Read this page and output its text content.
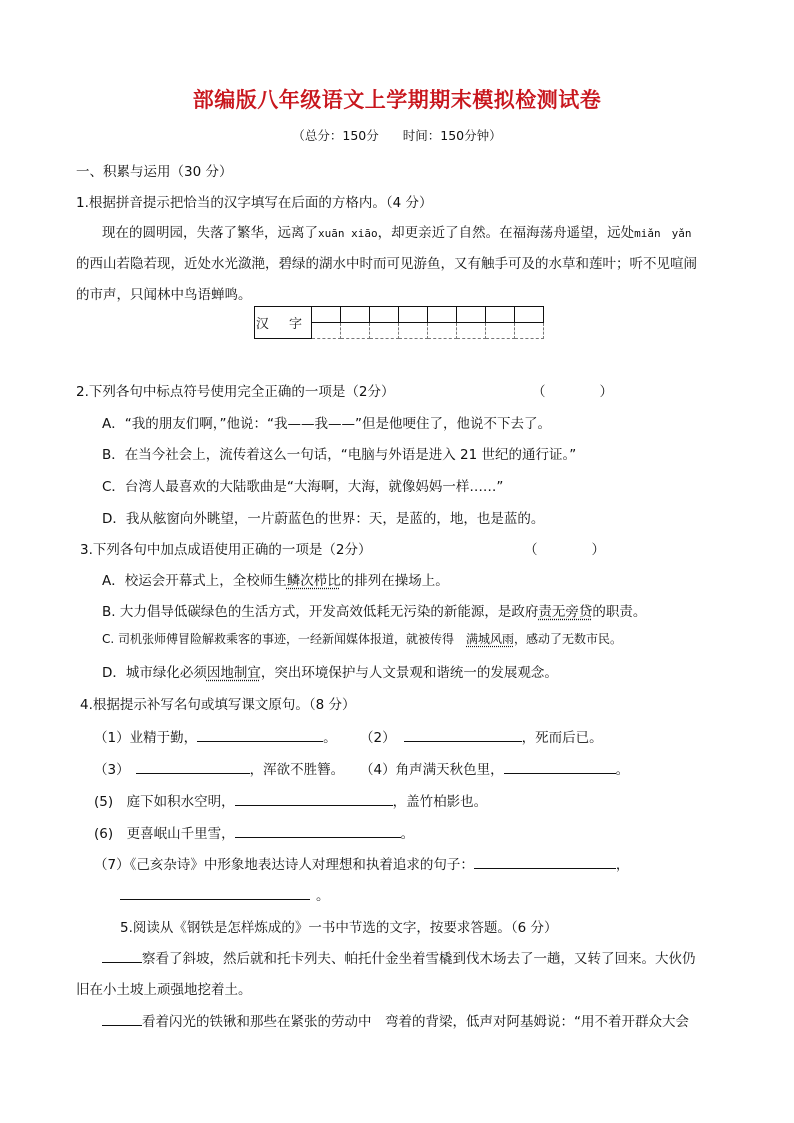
部编版八年级语文上学期期末模拟检测试卷
（总分：150分 时间：150分钟）
一、积累与运用（30 分）
1.根据拼音提示把恰当的汉字填写在后面的方格内。（4 分）
现在的圆明园，失落了繁华，远离了xuān xiāo，却更亲近了自然。在福海荡舟遥望，远处miǎn　yǎn
的西山若隐若现，近处水光潋滟，碧绿的湖水中时而可见游鱼，又有触手可及的水草和莲叶；听不见喧闹
的市声，只闻林中鸟语蝉鸣。
汉 字								

2.下列各句中标点符号使用完全正确的一项是（2分）	（　　　　）
A．“我的朋友们啊，”他说：“我——我——”但是他哽住了，他说不下去了。
B．在当今社会上，流传着这么一句话，“电脑与外语是进入 21 世纪的通行证。”
C．台湾人最喜欢的大陆歌曲是“大海啊，大海，就像妈妈一样……”
D．我从舷窗向外眺望，一片蔚蓝色的世界：天，是蓝的，地，也是蓝的。
3.下列各句中加点成语使用正确的一项是（2分）	（　　　　）
A．校运会开幕式上，全校师生鳞次栉比的排列在操场上。
B. 大力倡导低碳绿色的生活方式，开发高效低耗无污染的新能源，是政府责无旁贷的职责。
C. 司机张师傅冒险解救乘客的事迹，一经新闻媒体报道，就被传得　满城风雨，感动了无数市民。
D．城市绿化必须因地制宜，突出环境保护与人文景观和谐统一的发展观念。
4.根据提示补写名句或填写课文原句。（8 分）
（1）业精于勤，	。 （2）	，死而后已。
（3）	，浑欲不胜簪。 （4）角声满天秋色里，	。
(5)　庭下如积水空明，	，盖竹柏影也。
(6)　更喜岷山千里雪，	。
（7）《己亥杂诗》中形象地表达诗人对理想和执着追求的句子：	，
。
5.阅读从《钢铁是怎样炼成的》一书中节选的文字，按要求答题。（6 分）
察看了斜坡，然后就和托卡列夫、帕托什金坐着雪橇到伐木场去了一趟，又转了回来。大伙仍
旧在小土坡上顽强地挖着土。
看着闪光的铁锹和那些在紧张的劳动中　弯着的背梁，低声对阿基姆说：“用不着开群众大会
